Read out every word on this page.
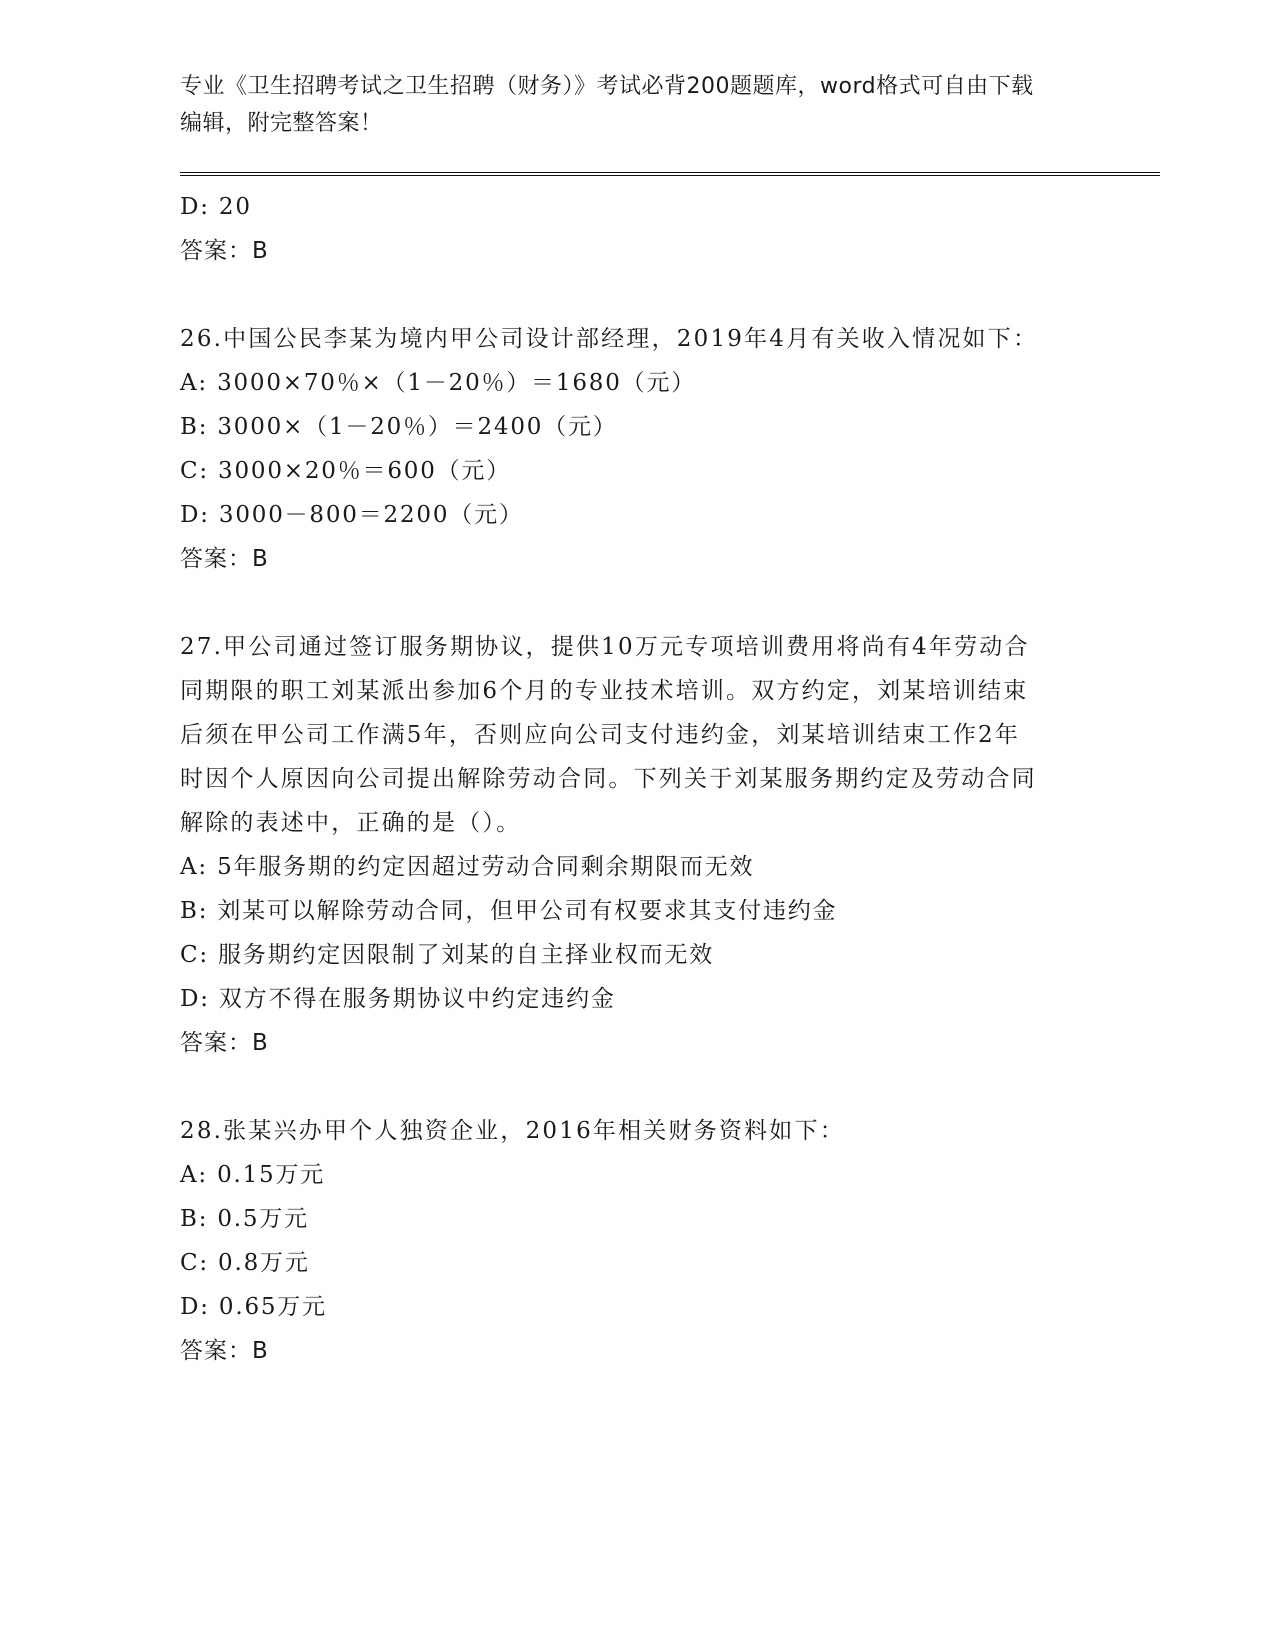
专业《卫生招聘考试之卫生招聘（财务）》考试必背200题题库，word格式可自由下载编辑，附完整答案！
D: 20
答案：B
26.中国公民李某为境内甲公司设计部经理，2019年4月有关收入情况如下：
A: 3000×70％×（1－20％）＝1680（元）
B: 3000×（1－20％）＝2400（元）
C: 3000×20％＝600（元）
D: 3000－800＝2200（元）
答案：B
27.甲公司通过签订服务期协议，提供10万元专项培训费用将尚有4年劳动合同期限的职工刘某派出参加6个月的专业技术培训。双方约定，刘某培训结束后须在甲公司工作满5年，否则应向公司支付违约金，刘某培训结束工作2年时因个人原因向公司提出解除劳动合同。下列关于刘某服务期约定及劳动合同解除的表述中，正确的是（）。
A: 5年服务期的约定因超过劳动合同剩余期限而无效
B: 刘某可以解除劳动合同，但甲公司有权要求其支付违约金
C: 服务期约定因限制了刘某的自主择业权而无效
D: 双方不得在服务期协议中约定违约金
答案：B
28.张某兴办甲个人独资企业，2016年相关财务资料如下：
A: 0.15万元
B: 0.5万元
C: 0.8万元
D: 0.65万元
答案：B
